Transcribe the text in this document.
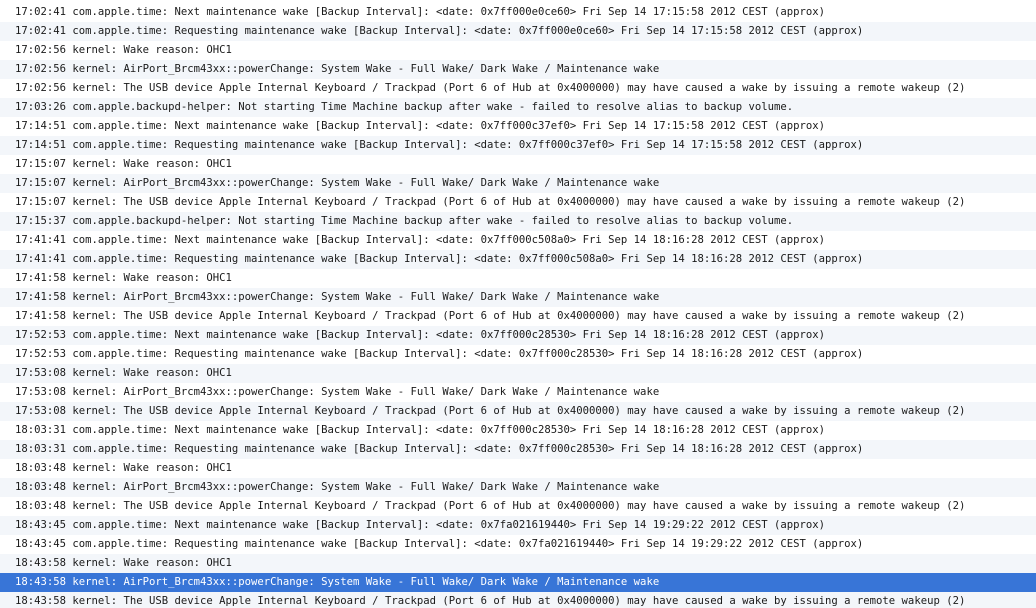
17:02:41 com.apple.time: Next maintenance wake [Backup Interval]: <date: 0x7ff000e0ce60> Fri Sep 14 17:15:58 2012 CEST (approx)
17:02:41 com.apple.time: Requesting maintenance wake [Backup Interval]: <date: 0x7ff000e0ce60> Fri Sep 14 17:15:58 2012 CEST (approx)
17:02:56 kernel: Wake reason: OHC1
17:02:56 kernel: AirPort_Brcm43xx::powerChange: System Wake - Full Wake/ Dark Wake / Maintenance wake
17:02:56 kernel: The USB device Apple Internal Keyboard / Trackpad (Port 6 of Hub at 0x4000000) may have caused a wake by issuing a remote wakeup (2)
17:03:26 com.apple.backupd-helper: Not starting Time Machine backup after wake - failed to resolve alias to backup volume.
17:14:51 com.apple.time: Next maintenance wake [Backup Interval]: <date: 0x7ff000c37ef0> Fri Sep 14 17:15:58 2012 CEST (approx)
17:14:51 com.apple.time: Requesting maintenance wake [Backup Interval]: <date: 0x7ff000c37ef0> Fri Sep 14 17:15:58 2012 CEST (approx)
17:15:07 kernel: Wake reason: OHC1
17:15:07 kernel: AirPort_Brcm43xx::powerChange: System Wake - Full Wake/ Dark Wake / Maintenance wake
17:15:07 kernel: The USB device Apple Internal Keyboard / Trackpad (Port 6 of Hub at 0x4000000) may have caused a wake by issuing a remote wakeup (2)
17:15:37 com.apple.backupd-helper: Not starting Time Machine backup after wake - failed to resolve alias to backup volume.
17:41:41 com.apple.time: Next maintenance wake [Backup Interval]: <date: 0x7ff000c508a0> Fri Sep 14 18:16:28 2012 CEST (approx)
17:41:41 com.apple.time: Requesting maintenance wake [Backup Interval]: <date: 0x7ff000c508a0> Fri Sep 14 18:16:28 2012 CEST (approx)
17:41:58 kernel: Wake reason: OHC1
17:41:58 kernel: AirPort_Brcm43xx::powerChange: System Wake - Full Wake/ Dark Wake / Maintenance wake
17:41:58 kernel: The USB device Apple Internal Keyboard / Trackpad (Port 6 of Hub at 0x4000000) may have caused a wake by issuing a remote wakeup (2)
17:52:53 com.apple.time: Next maintenance wake [Backup Interval]: <date: 0x7ff000c28530> Fri Sep 14 18:16:28 2012 CEST (approx)
17:52:53 com.apple.time: Requesting maintenance wake [Backup Interval]: <date: 0x7ff000c28530> Fri Sep 14 18:16:28 2012 CEST (approx)
17:53:08 kernel: Wake reason: OHC1
17:53:08 kernel: AirPort_Brcm43xx::powerChange: System Wake - Full Wake/ Dark Wake / Maintenance wake
17:53:08 kernel: The USB device Apple Internal Keyboard / Trackpad (Port 6 of Hub at 0x4000000) may have caused a wake by issuing a remote wakeup (2)
18:03:31 com.apple.time: Next maintenance wake [Backup Interval]: <date: 0x7ff000c28530> Fri Sep 14 18:16:28 2012 CEST (approx)
18:03:31 com.apple.time: Requesting maintenance wake [Backup Interval]: <date: 0x7ff000c28530> Fri Sep 14 18:16:28 2012 CEST (approx)
18:03:48 kernel: Wake reason: OHC1
18:03:48 kernel: AirPort_Brcm43xx::powerChange: System Wake - Full Wake/ Dark Wake / Maintenance wake
18:03:48 kernel: The USB device Apple Internal Keyboard / Trackpad (Port 6 of Hub at 0x4000000) may have caused a wake by issuing a remote wakeup (2)
18:43:45 com.apple.time: Next maintenance wake [Backup Interval]: <date: 0x7fa021619440> Fri Sep 14 19:29:22 2012 CEST (approx)
18:43:45 com.apple.time: Requesting maintenance wake [Backup Interval]: <date: 0x7fa021619440> Fri Sep 14 19:29:22 2012 CEST (approx)
18:43:58 kernel: Wake reason: OHC1
18:43:58 kernel: AirPort_Brcm43xx::powerChange: System Wake - Full Wake/ Dark Wake / Maintenance wake
18:43:58 kernel: The USB device Apple Internal Keyboard / Trackpad (Port 6 of Hub at 0x4000000) may have caused a wake by issuing a remote wakeup (2)
